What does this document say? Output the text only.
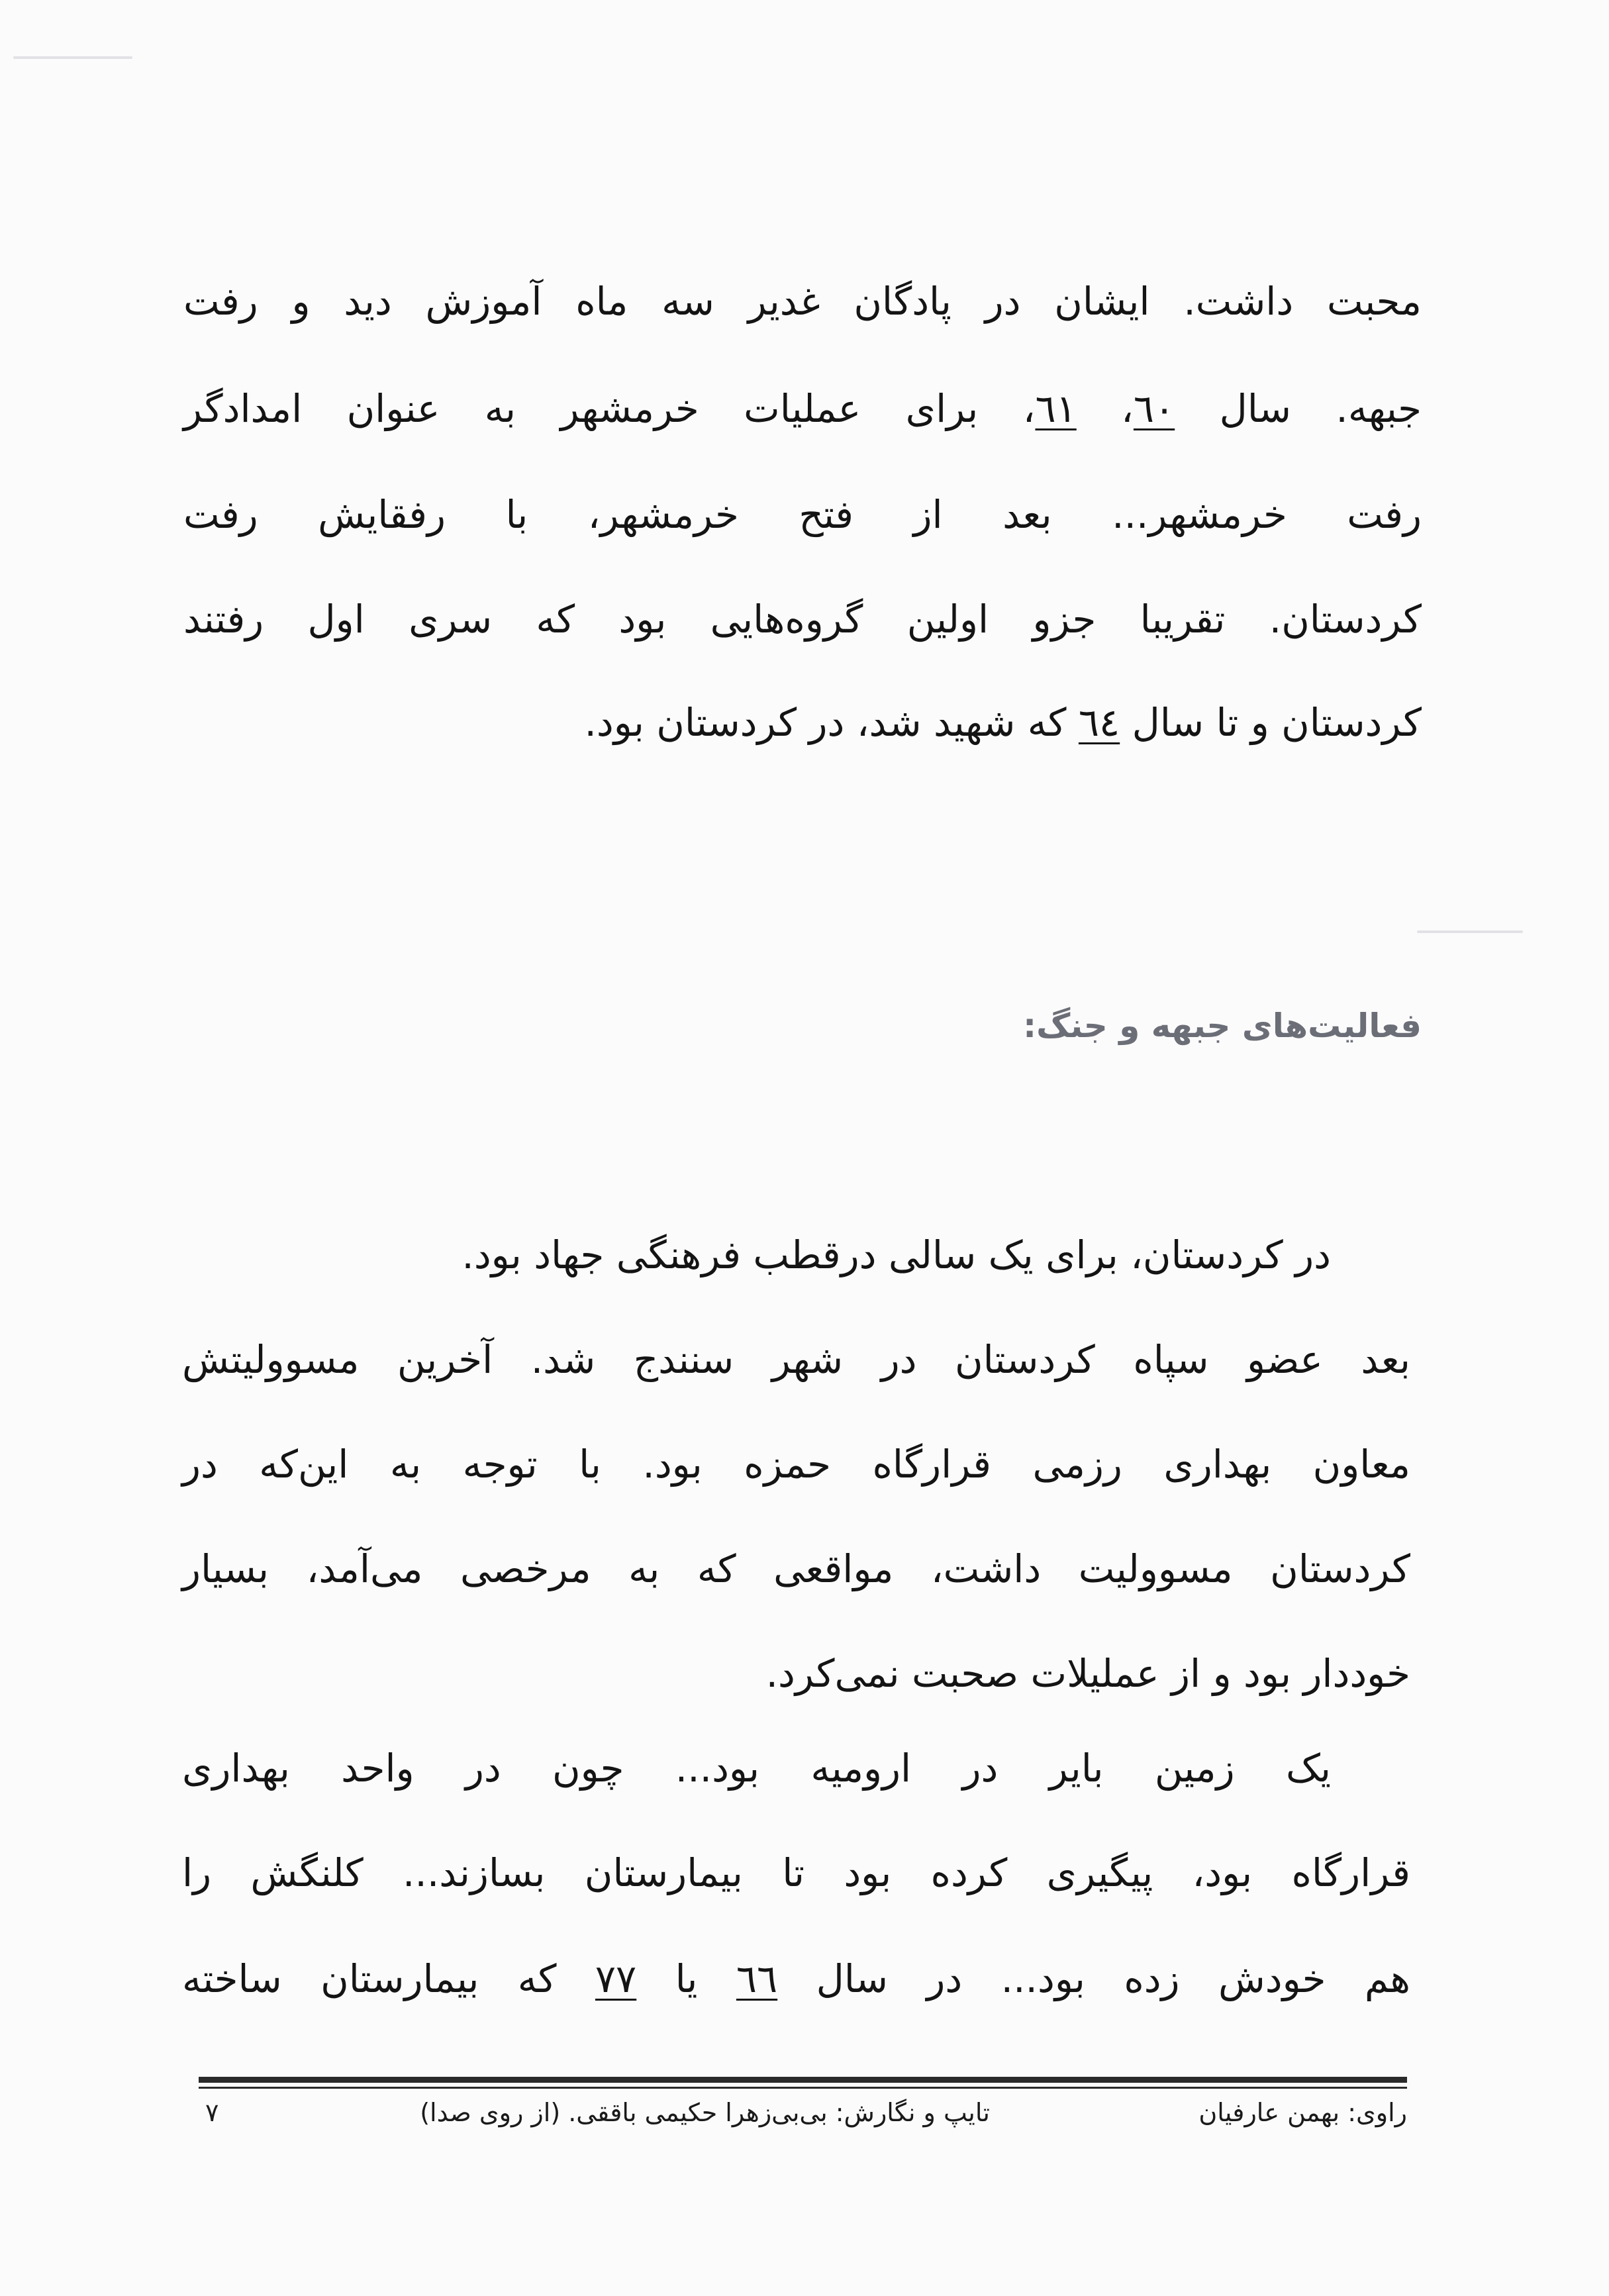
محبت داشت. ایشان در پادگان غدیر سه ماه آموزش دید و رفت
جبهه. سال ٦٠، ٦١، برای عملیات خرمشهر به عنوان امدادگر
رفت خرمشهر... بعد از فتح خرمشهر، با رفقایش رفت
کردستان. تقریبا جزو اولین گروه‌هایی بود که سری اول رفتند
کردستان و تا سال ٦٤ که شهید شد، در کردستان بود.
فعالیت‌های جبهه و جنگ:
در کردستان، برای یک سالی درقطب فرهنگی جهاد بود.
بعد عضو سپاه کردستان در شهر سنندج شد. آخرین مسوولیتش
معاون بهداری رزمی قرارگاه حمزه بود. با توجه به این‌که در
کردستان مسوولیت داشت، مواقعی که به مرخصی می‌آمد، بسیار
خوددار بود و از عملیلات صحبت نمی‌کرد.
یک زمین بایر در ارومیه بود... چون در واحد بهداری
قرارگاه بود، پیگیری کرده بود تا بیمارستان بسازند... کلنگش را
هم خودش زده بود... در سال ٦٦ یا ٧٧ که بیمارستان ساخته
راوی: بهمن عارفیان
تایپ و نگارش: بی‌بی‌زهرا حکیمی باققی. (از روی صدا)
٧
